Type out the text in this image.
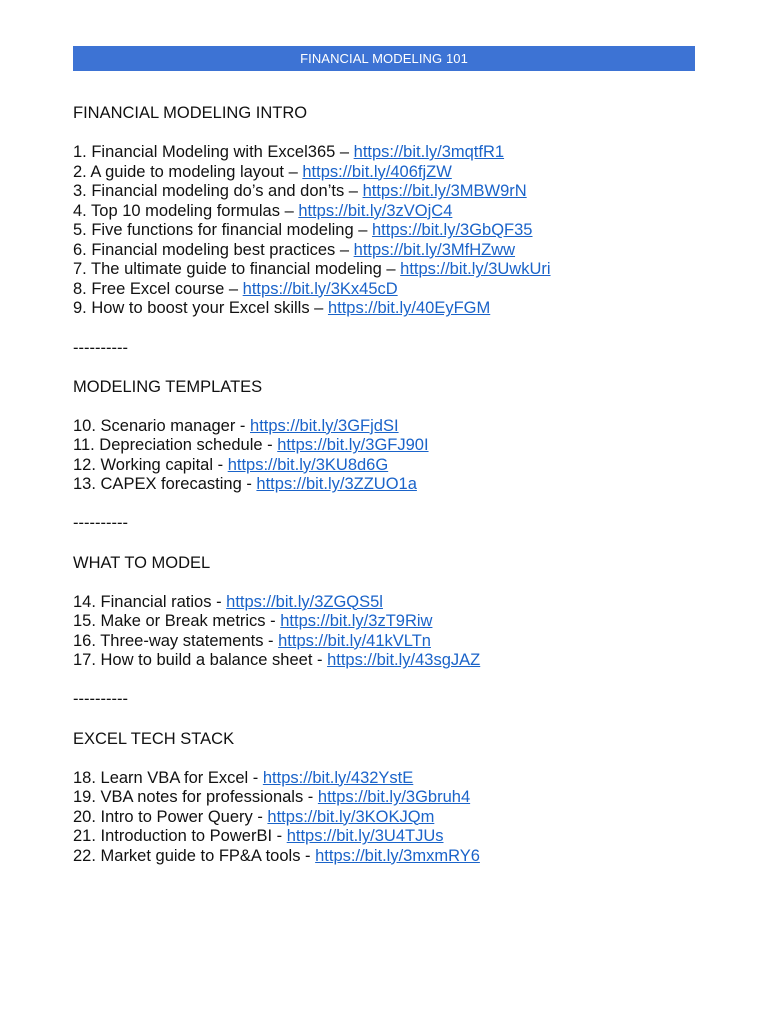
FINANCIAL MODELING 101
FINANCIAL MODELING INTRO

1. Financial Modeling with Excel365 – https://bit.ly/3mqtfR1
2. A guide to modeling layout – https://bit.ly/406fjZW
3. Financial modeling do’s and don’ts – https://bit.ly/3MBW9rN
4. Top 10 modeling formulas – https://bit.ly/3zVOjC4
5. Five functions for financial modeling – https://bit.ly/3GbQF35
6. Financial modeling best practices – https://bit.ly/3MfHZww
7. The ultimate guide to financial modeling – https://bit.ly/3UwkUri
8. Free Excel course – https://bit.ly/3Kx45cD
9. How to boost your Excel skills – https://bit.ly/40EyFGM

----------

MODELING TEMPLATES

10. Scenario manager - https://bit.ly/3GFjdSI
11. Depreciation schedule - https://bit.ly/3GFJ90I
12. Working capital - https://bit.ly/3KU8d6G
13. CAPEX forecasting - https://bit.ly/3ZZUO1a

----------

WHAT TO MODEL

14. Financial ratios - https://bit.ly/3ZGQS5l
15. Make or Break metrics - https://bit.ly/3zT9Riw
16. Three-way statements - https://bit.ly/41kVLTn
17. How to build a balance sheet - https://bit.ly/43sgJAZ

----------

EXCEL TECH STACK

18. Learn VBA for Excel - https://bit.ly/432YstE
19. VBA notes for professionals - https://bit.ly/3Gbruh4
20. Intro to Power Query - https://bit.ly/3KOKJQm
21. Introduction to PowerBI - https://bit.ly/3U4TJUs
22. Market guide to FP&A tools - https://bit.ly/3mxmRY6
